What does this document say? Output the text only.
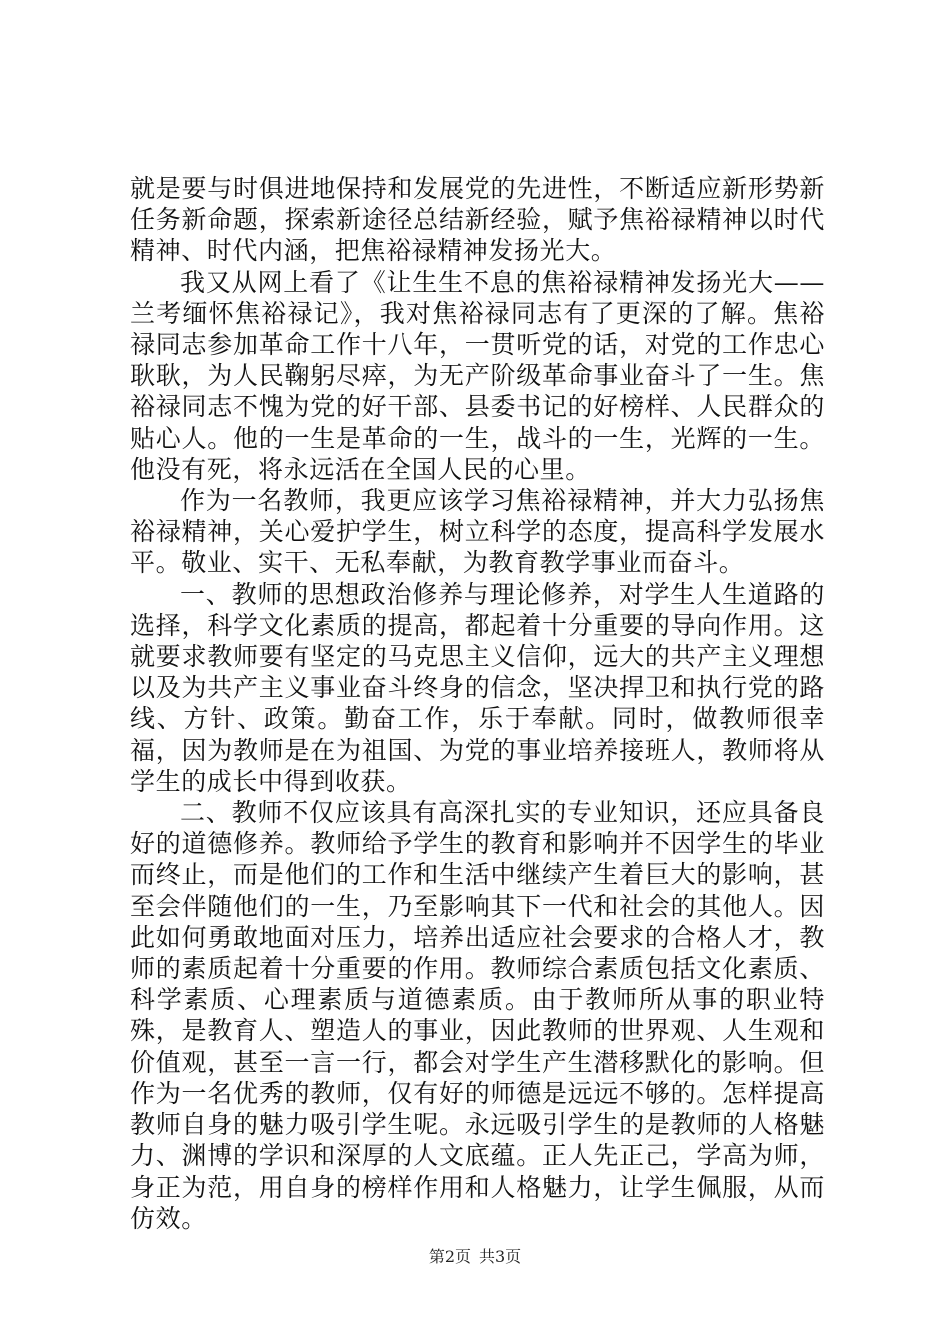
就是要与时俱进地保持和发展党的先进性，不断适应新形势新任务新命题，探索新途径总结新经验，赋予焦裕禄精神以时代精神、时代内涵，把焦裕禄精神发扬光大。

我又从网上看了《让生生不息的焦裕禄精神发扬光大——兰考缅怀焦裕禄记》，我对焦裕禄同志有了更深的了解。焦裕禄同志参加革命工作十八年，一贯听党的话，对党的工作忠心耿耿，为人民鞠躬尽瘁，为无产阶级革命事业奋斗了一生。焦裕禄同志不愧为党的好干部、县委书记的好榜样、人民群众的贴心人。他的一生是革命的一生，战斗的一生，光辉的一生。他没有死，将永远活在全国人民的心里。

作为一名教师，我更应该学习焦裕禄精神，并大力弘扬焦裕禄精神，关心爱护学生，树立科学的态度，提高科学发展水平。敬业、实干、无私奉献，为教育教学事业而奋斗。

一、教师的思想政治修养与理论修养，对学生人生道路的选择，科学文化素质的提高，都起着十分重要的导向作用。这就要求教师要有坚定的马克思主义信仰，远大的共产主义理想以及为共产主义事业奋斗终身的信念，坚决捍卫和执行党的路线、方针、政策。勤奋工作，乐于奉献。同时，做教师很幸福，因为教师是在为祖国、为党的事业培养接班人，教师将从学生的成长中得到收获。

二、教师不仅应该具有高深扎实的专业知识，还应具备良好的道德修养。教师给予学生的教育和影响并不因学生的毕业而终止，而是他们的工作和生活中继续产生着巨大的影响，甚至会伴随他们的一生，乃至影响其下一代和社会的其他人。因此如何勇敢地面对压力，培养出适应社会要求的合格人才，教师的素质起着十分重要的作用。教师综合素质包括文化素质、科学素质、心理素质与道德素质。由于教师所从事的职业特殊，是教育人、塑造人的事业，因此教师的世界观、人生观和价值观，甚至一言一行，都会对学生产生潜移默化的影响。但作为一名优秀的教师，仅有好的师德是远远不够的。怎样提高教师自身的魅力吸引学生呢。永远吸引学生的是教师的人格魅力、渊博的学识和深厚的人文底蕴。正人先正己，学高为师，身正为范，用自身的榜样作用和人格魅力，让学生佩服，从而仿效。

第2页 共3页
